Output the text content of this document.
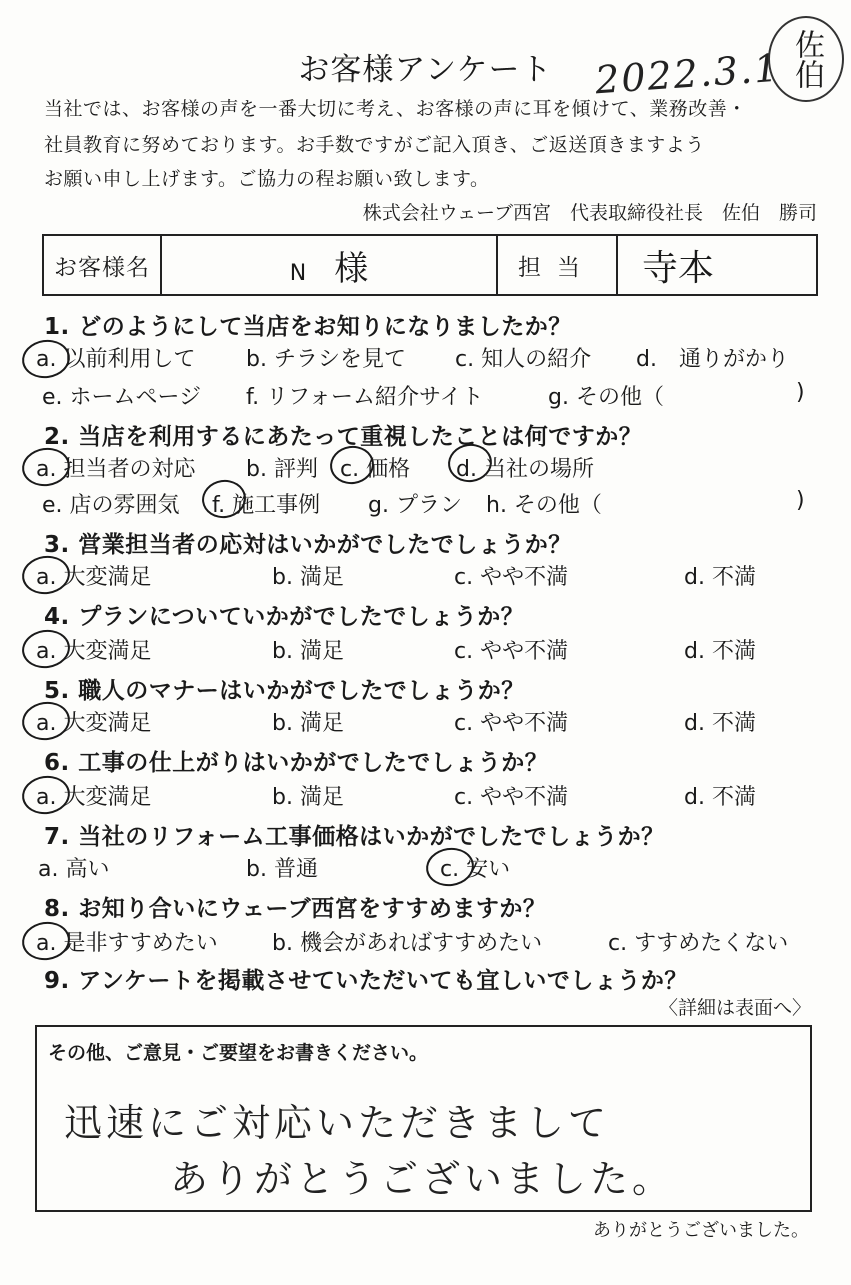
お客様アンケート	2022.3.1 佐伯
当社では、お客様の声を一番大切に考え、お客様の声に耳を傾けて、業務改善・
社員教育に努めております。お手数ですがご記入頂き、ご返送頂きますよう
お願い申し上げます。ご協力の程お願い致します。
株式会社ウェーブ西宮　代表取締役社長　佐伯　勝司
お客様名	N 様	担当	寺本
1. どのようにして当店をお知りになりましたか？
a. 以前利用して b. チラシを見て c. 知人の紹介 d.　通りがかり
e. ホームページ f. リフォーム紹介サイト	g. その他（	)
2. 当店を利用するにあたって重視したことは何ですか？
a. 担当者の対応 b. 評判 c. 価格 d. 当社の場所
e. 店の雰囲気 f. 施工事例 g. プラン h. その他（	)
3. 営業担当者の応対はいかがでしたでしょうか？
a. 大変満足	b. 満足	c. やや不満	d. 不満
4. プランについていかがでしたでしょうか？
a. 大変満足	b. 満足	c. やや不満	d. 不満
5. 職人のマナーはいかがでしたでしょうか？
a. 大変満足	b. 満足	c. やや不満	d. 不満
6. 工事の仕上がりはいかがでしたでしょうか？
a. 大変満足	b. 満足	c. やや不満	d. 不満
7. 当社のリフォーム工事価格はいかがでしたでしょうか？
a. 高い	b. 普通	c. 安い
8. お知り合いにウェーブ西宮をすすめますか？
a. 是非すすめたい b. 機会があればすすめたい	c. すすめたくない
9. アンケートを掲載させていただいても宜しいでしょうか？
〈詳細は表面へ〉
その他、ご意見・ご要望をお書きください。
迅速にご対応いただきまして
ありがとうございました。
ありがとうございました。
